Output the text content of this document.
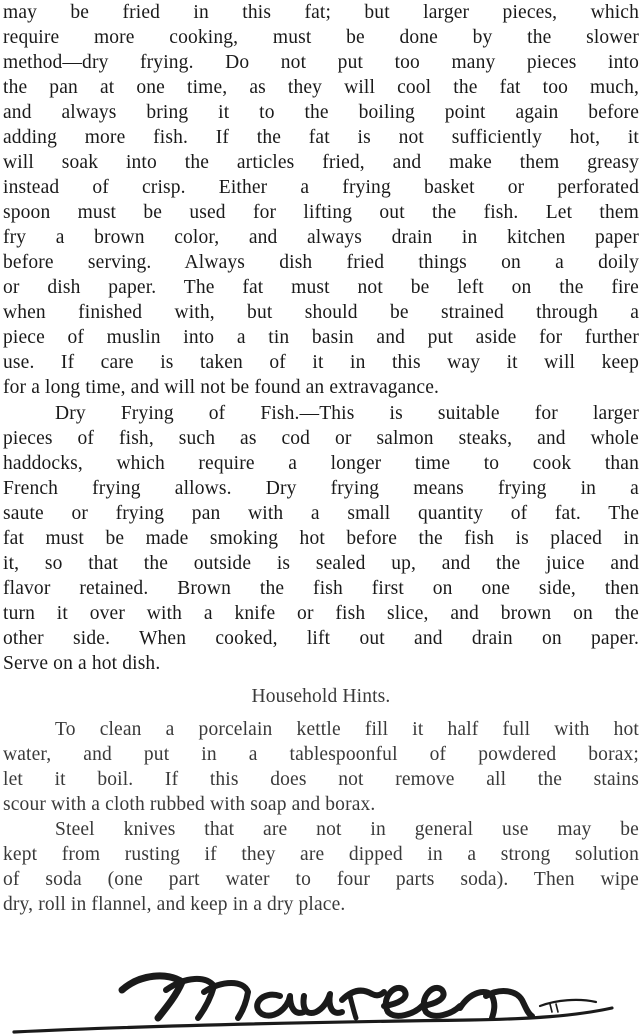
may be fried in this fat; but larger pieces, which
require more cooking, must be done by the slower
method—dry frying. Do not put too many pieces into
the pan at one time, as they will cool the fat too much,
and always bring it to the boiling point again before
adding more fish. If the fat is not sufficiently hot, it
will soak into the articles fried, and make them greasy
instead of crisp. Either a frying basket or perforated
spoon must be used for lifting out the fish. Let them
fry a brown color, and always drain in kitchen paper
before serving. Always dish fried things on a doily
or dish paper. The fat must not be left on the fire
when finished with, but should be strained through a
piece of muslin into a tin basin and put aside for further
use. If care is taken of it in this way it will keep
for a long time, and will not be found an extravagance.
Dry Frying of Fish.—This is suitable for larger
pieces of fish, such as cod or salmon steaks, and whole
haddocks, which require a longer time to cook than
French frying allows. Dry frying means frying in a
saute or frying pan with a small quantity of fat. The
fat must be made smoking hot before the fish is placed in
it, so that the outside is sealed up, and the juice and
flavor retained. Brown the fish first on one side, then
turn it over with a knife or fish slice, and brown on the
other side. When cooked, lift out and drain on paper.
Serve on a hot dish.
Household Hints.
To clean a porcelain kettle fill it half full with hot
water, and put in a tablespoonful of powdered borax;
let it boil. If this does not remove all the stains
scour with a cloth rubbed with soap and borax.
Steel knives that are not in general use may be
kept from rusting if they are dipped in a strong solution
of soda (one part water to four parts soda). Then wipe
dry, roll in flannel, and keep in a dry place.
